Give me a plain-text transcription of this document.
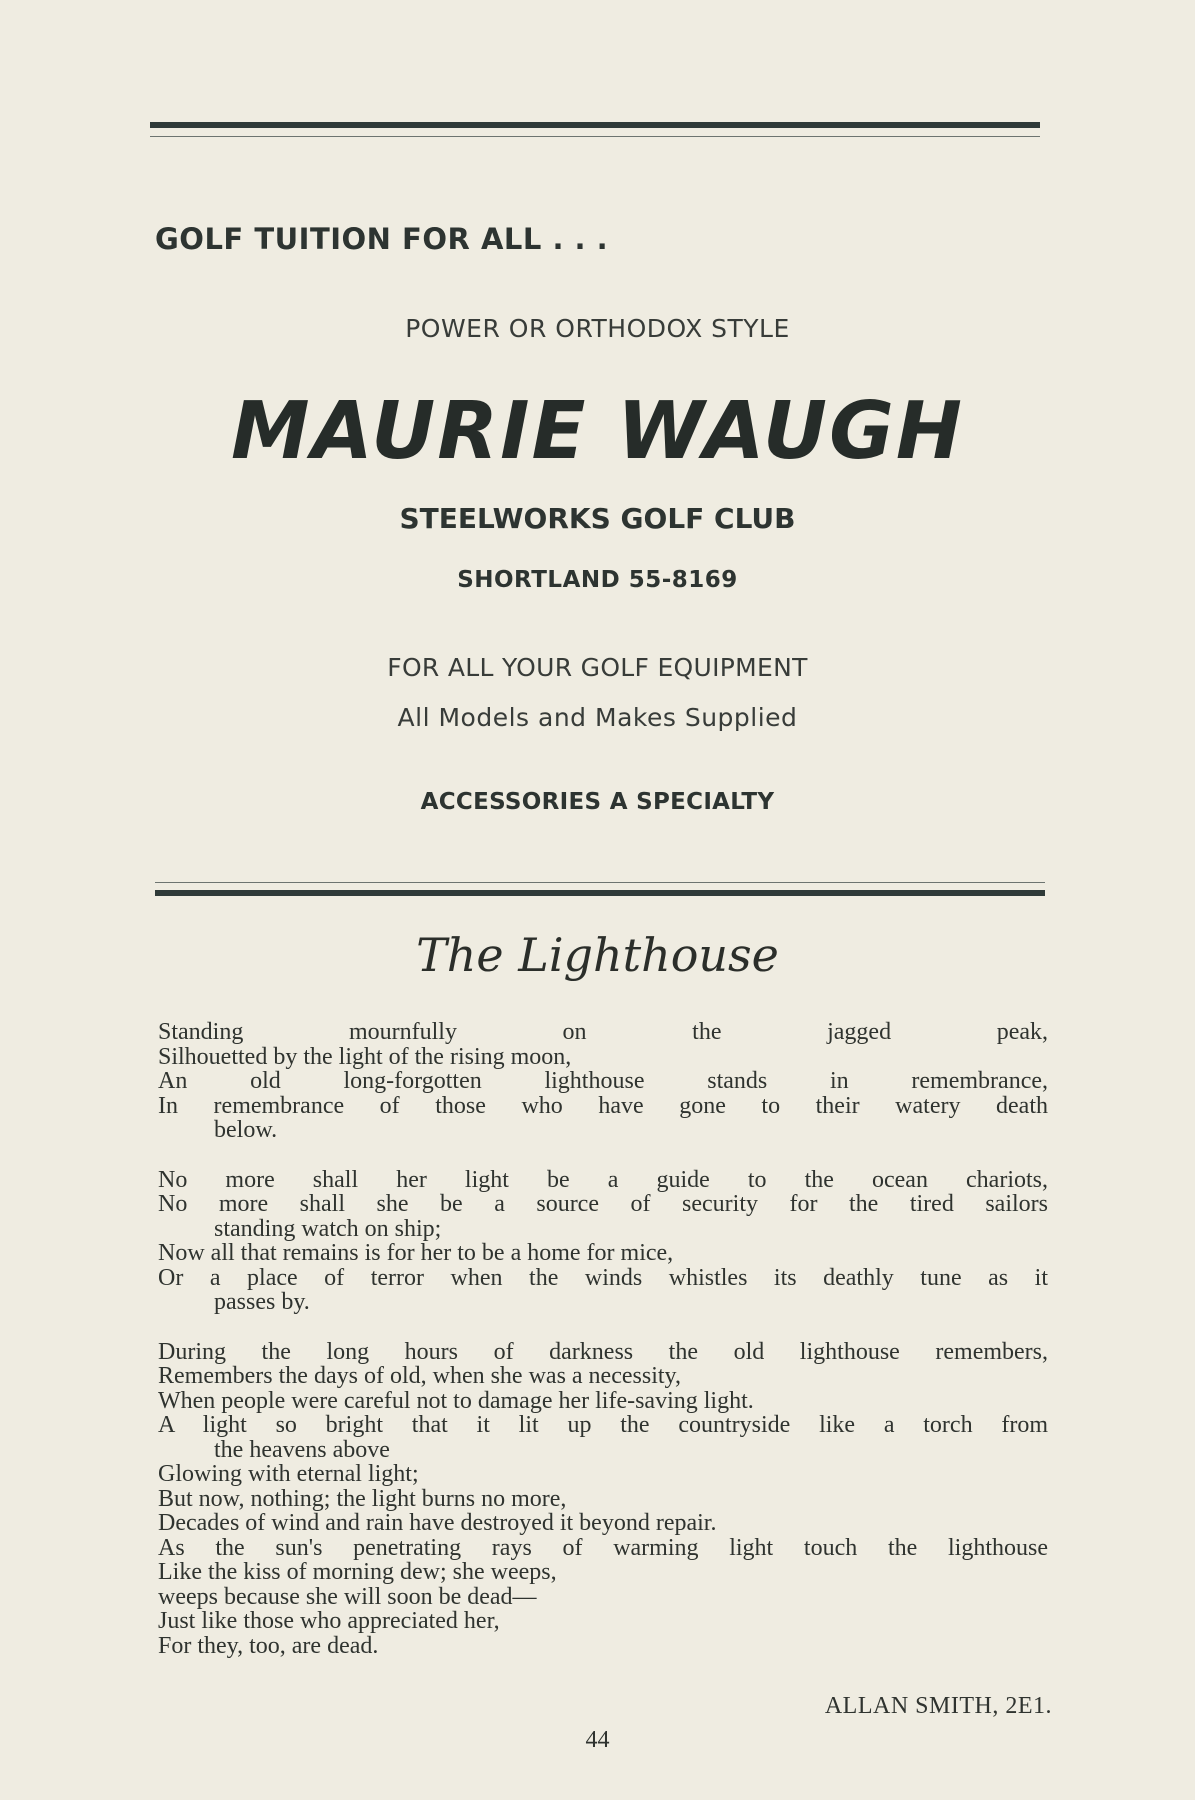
GOLF TUITION FOR ALL . . .
POWER OR ORTHODOX STYLE
MAURIE WAUGH
STEELWORKS GOLF CLUB
SHORTLAND 55-8169
FOR ALL YOUR GOLF EQUIPMENT
All Models and Makes Supplied
ACCESSORIES A SPECIALTY
The Lighthouse
Standing mournfully on the jagged peak,
Silhouetted by the light of the rising moon,
An old long-forgotten lighthouse stands in remembrance,
In remembrance of those who have gone to their watery death
below.
No more shall her light be a guide to the ocean chariots,
No more shall she be a source of security for the tired sailors
standing watch on ship;
Now all that remains is for her to be a home for mice,
Or a place of terror when the winds whistles its deathly tune as it
passes by.
During the long hours of darkness the old lighthouse remembers,
Remembers the days of old, when she was a necessity,
When people were careful not to damage her life-saving light.
A light so bright that it lit up the countryside like a torch from
the heavens above
Glowing with eternal light;
But now, nothing; the light burns no more,
Decades of wind and rain have destroyed it beyond repair.
As the sun's penetrating rays of warming light touch the lighthouse
Like the kiss of morning dew; she weeps,
weeps because she will soon be dead—
Just like those who appreciated her,
For they, too, are dead.
ALLAN SMITH, 2E1.
44
